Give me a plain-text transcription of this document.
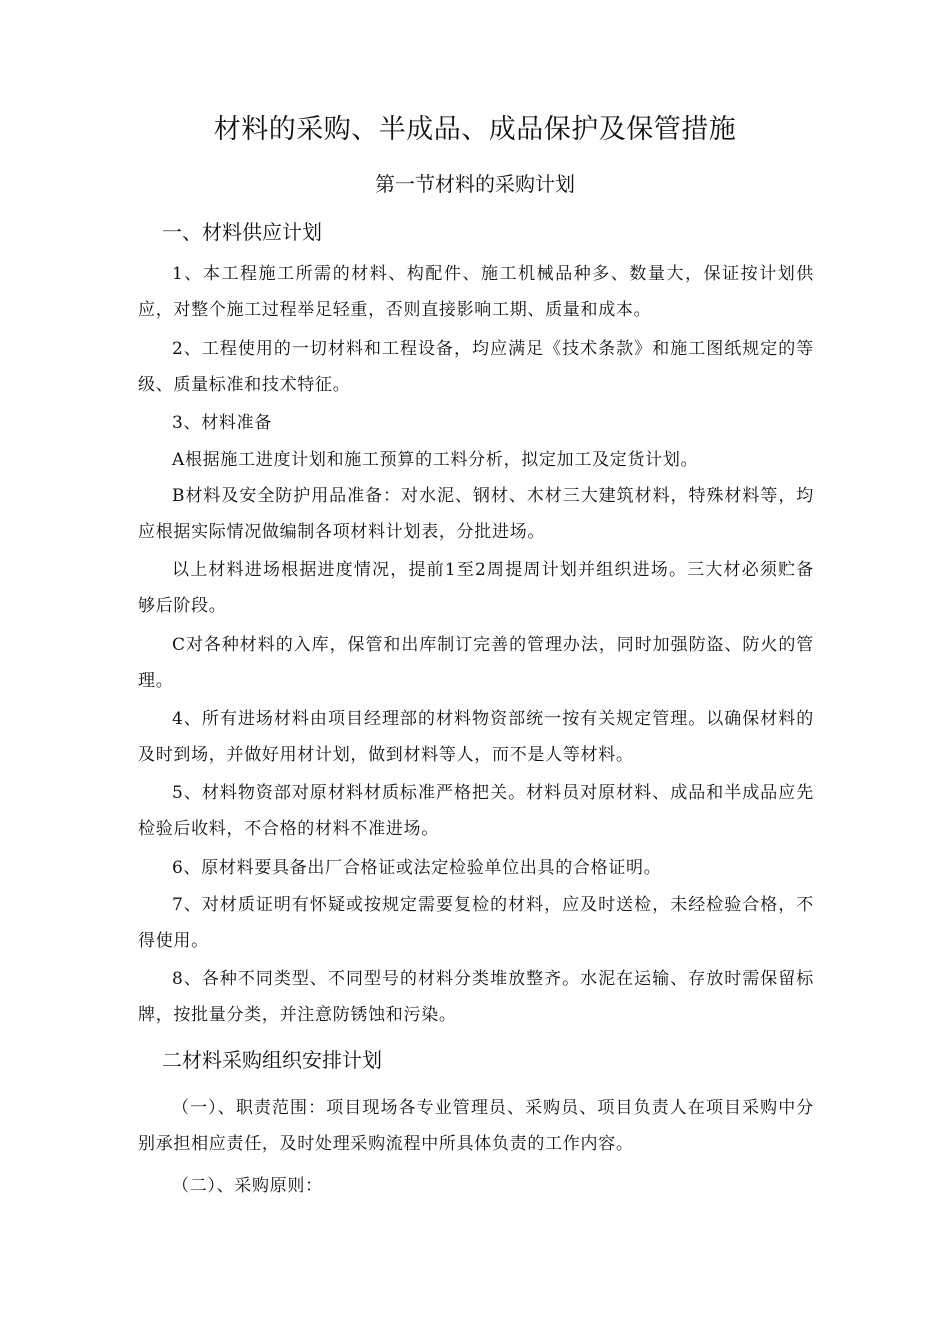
材料的采购、半成品、成品保护及保管措施
第一节材料的采购计划
一、材料供应计划
1、本工程施工所需的材料、构配件、施工机械品种多、数量大，保证按计划供应，对整个施工过程举足轻重，否则直接影响工期、质量和成本。
2、工程使用的一切材料和工程设备，均应满足《技术条款》和施工图纸规定的等级、质量标准和技术特征。
3、材料准备
A根据施工进度计划和施工预算的工料分析，拟定加工及定货计划。
B材料及安全防护用品准备：对水泥、钢材、木材三大建筑材料，特殊材料等，均应根据实际情况做编制各项材料计划表，分批进场。
以上材料进场根据进度情况，提前1至2周提周计划并组织进场。三大材必须贮备够后阶段。
C对各种材料的入库，保管和出库制订完善的管理办法，同时加强防盗、防火的管理。
4、所有进场材料由项目经理部的材料物资部统一按有关规定管理。以确保材料的及时到场，并做好用材计划，做到材料等人，而不是人等材料。
5、材料物资部对原材料材质标准严格把关。材料员对原材料、成品和半成品应先检验后收料，不合格的材料不准进场。
6、原材料要具备出厂合格证或法定检验单位出具的合格证明。
7、对材质证明有怀疑或按规定需要复检的材料，应及时送检，未经检验合格，不得使用。
8、各种不同类型、不同型号的材料分类堆放整齐。水泥在运输、存放时需保留标牌，按批量分类，并注意防锈蚀和污染。
二材料采购组织安排计划
（一）、职责范围：项目现场各专业管理员、采购员、项目负责人在项目采购中分别承担相应责任，及时处理采购流程中所具体负责的工作内容。
（二）、采购原则：
